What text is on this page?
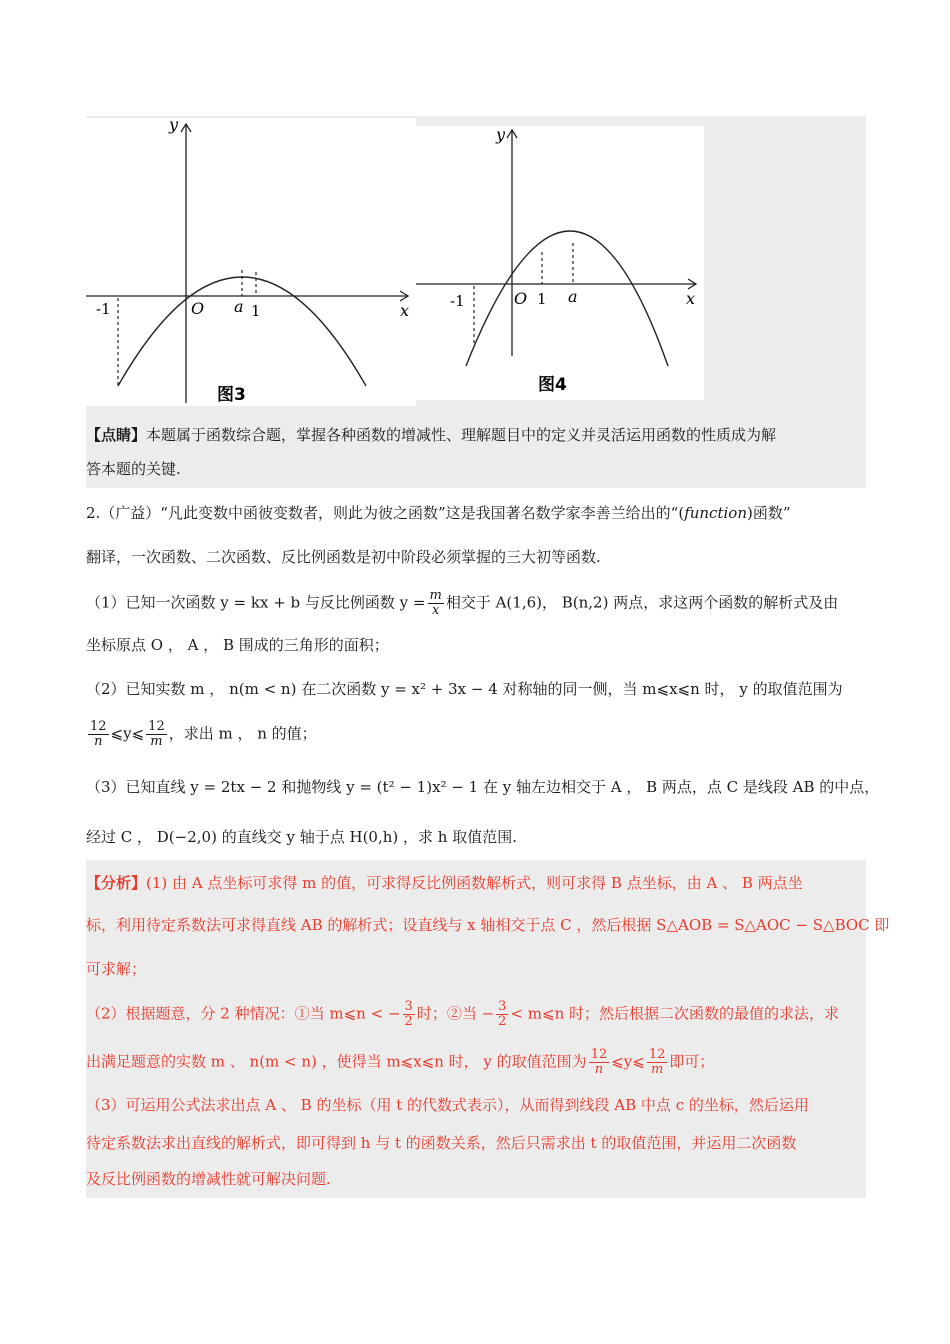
y
x
O
-1	a 1
图3
y
x
O
-1	1 a
图4
【点睛】本题属于函数综合题，掌握各种函数的增减性、理解题目中的定义并灵活运用函数的性质成为解
答本题的关键.
2.（广益）“凡此变数中函彼变数者，则此为彼之函数”这是我国著名数学家李善兰给出的“(function)函数”
翻译，一次函数、二次函数、反比例函数是初中阶段必须掌握的三大初等函数.
（1）已知一次函数 y = kx + b 与反比例函数 $y = \frac{m}{x}$ 相交于 A(1,6)， B(n,2) 两点，求这两个函数的解析式及由
坐标原点 O ， A ， B 围成的三角形的面积；
（2）已知实数 m ， n(m < n) 在二次函数 y = x² + 3x − 4 对称轴的同一侧，当 m⩽x⩽n 时， y 的取值范围为
$\frac{12}{n}$ ⩽y⩽ $\frac{12}{m}$ ，求出 m ， n 的值；
（3）已知直线 y = 2tx − 2 和抛物线 y = (t² − 1)x² − 1 在 y 轴左边相交于 A ， B 两点，点 C 是线段 AB 的中点，
经过 C ， D(−2,0) 的直线交 y 轴于点 H(0,h) ，求 h 取值范围.
【分析】(1) 由 A 点坐标可求得 m 的值，可求得反比例函数解析式，则可求得 B 点坐标，由 A 、 B 两点坐
标，利用待定系数法可求得直线 AB 的解析式；设直线与 x 轴相交于点 C ，然后根据 S△AOB = S△AOC − S△BOC 即
可求解；
（2）根据题意，分 2 种情况：①当 m⩽n < − $\frac{3}{2}$ 时；②当 − $\frac{3}{2}$ < m⩽n 时；然后根据二次函数的最值的求法，求
出满足题意的实数 m 、 n(m < n) ，使得当 m⩽x⩽n 时， y 的取值范围为 $\frac{12}{n}$ ⩽y⩽ $\frac{12}{m}$ 即可；
（3）可运用公式法求出点 A 、 B 的坐标（用 t 的代数式表示），从而得到线段 AB 中点 c 的坐标，然后运用
待定系数法求出直线的解析式，即可得到 h 与 t 的函数关系，然后只需求出 t 的取值范围，并运用二次函数
及反比例函数的增减性就可解决问题.
